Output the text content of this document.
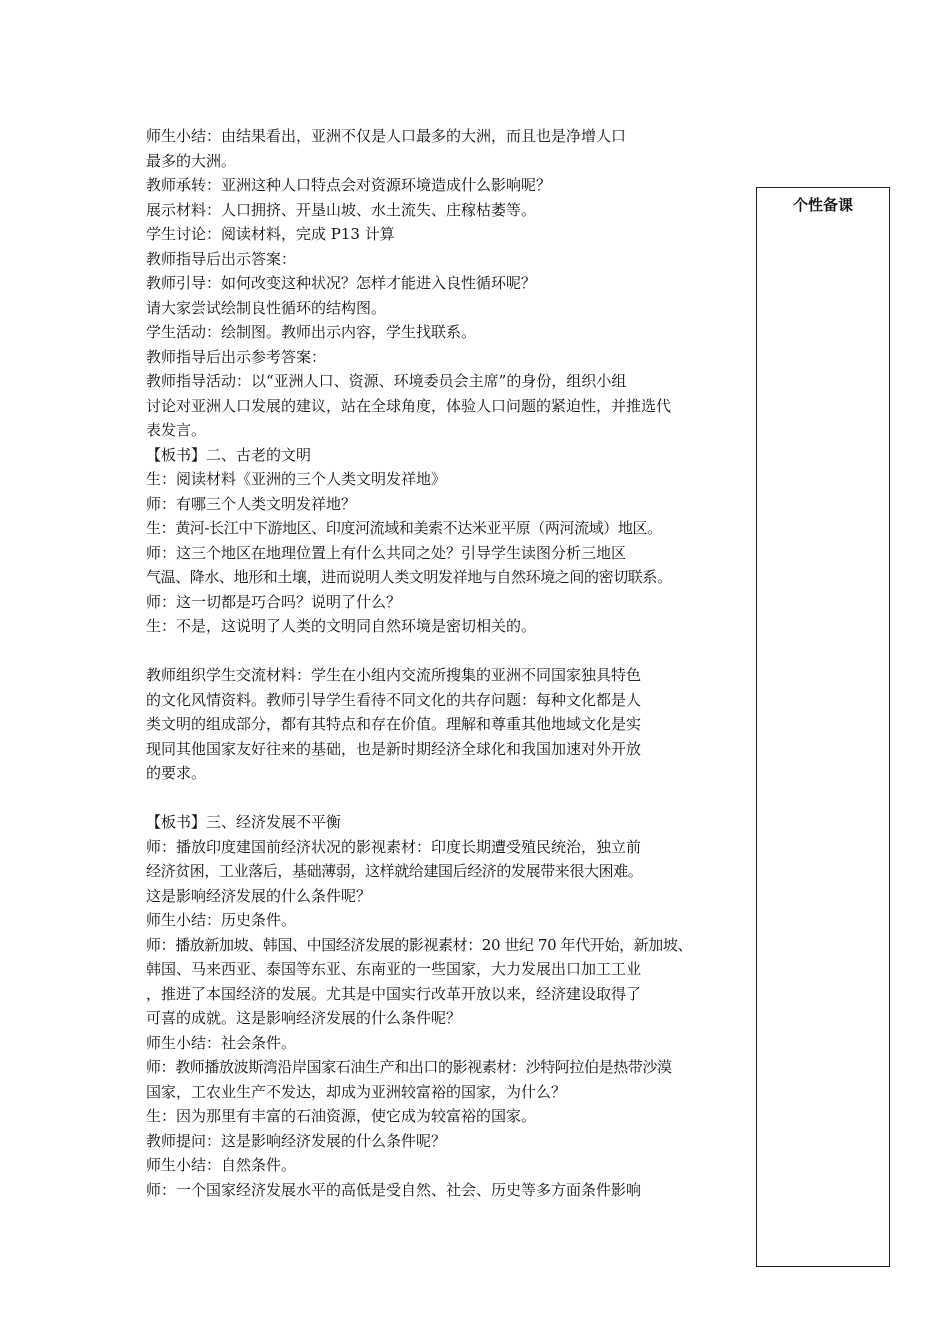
师生小结：由结果看出，亚洲不仅是人口最多的大洲，而且也是净增人口
最多的大洲。
教师承转：亚洲这种人口特点会对资源环境造成什么影响呢？
展示材料：人口拥挤、开垦山坡、水土流失、庄稼枯萎等。
学生讨论：阅读材料，完成 P13 计算
教师指导后出示答案：
教师引导：如何改变这种状况？怎样才能进入良性循环呢？
请大家尝试绘制良性循环的结构图。
学生活动：绘制图。教师出示内容，学生找联系。
教师指导后出示参考答案：
教师指导活动：以“亚洲人口、资源、环境委员会主席”的身份，组织小组
讨论对亚洲人口发展的建议，站在全球角度，体验人口问题的紧迫性，并推选代
表发言。
【板书】二、古老的文明
生：阅读材料《亚洲的三个人类文明发祥地》
师：有哪三个人类文明发祥地？
生：黄河-长江中下游地区、印度河流域和美索不达米亚平原（两河流域）地区。
师：这三个地区在地理位置上有什么共同之处？引导学生读图分析三地区
气温、降水、地形和土壤，进而说明人类文明发祥地与自然环境之间的密切联系。
师：这一切都是巧合吗？说明了什么？
生：不是，这说明了人类的文明同自然环境是密切相关的。
教师组织学生交流材料：学生在小组内交流所搜集的亚洲不同国家独具特色
的文化风情资料。教师引导学生看待不同文化的共存问题：每种文化都是人
类文明的组成部分，都有其特点和存在价值。理解和尊重其他地域文化是实
现同其他国家友好往来的基础，也是新时期经济全球化和我国加速对外开放
的要求。
【板书】三、经济发展不平衡
师：播放印度建国前经济状况的影视素材：印度长期遭受殖民统治，独立前
经济贫困，工业落后，基础薄弱，这样就给建国后经济的发展带来很大困难。
这是影响经济发展的什么条件呢？
师生小结：历史条件。
师：播放新加坡、韩国、中国经济发展的影视素材：20 世纪 70 年代开始，新加坡、
韩国、马来西亚、泰国等东亚、东南亚的一些国家，大力发展出口加工工业
，推进了本国经济的发展。尤其是中国实行改革开放以来，经济建设取得了
可喜的成就。这是影响经济发展的什么条件呢？
师生小结：社会条件。
师：教师播放波斯湾沿岸国家石油生产和出口的影视素材：沙特阿拉伯是热带沙漠
国家，工农业生产不发达，却成为亚洲较富裕的国家，为什么？
生：因为那里有丰富的石油资源，使它成为较富裕的国家。
教师提问：这是影响经济发展的什么条件呢？
师生小结：自然条件。
师：一个国家经济发展水平的高低是受自然、社会、历史等多方面条件影响
个性备课
